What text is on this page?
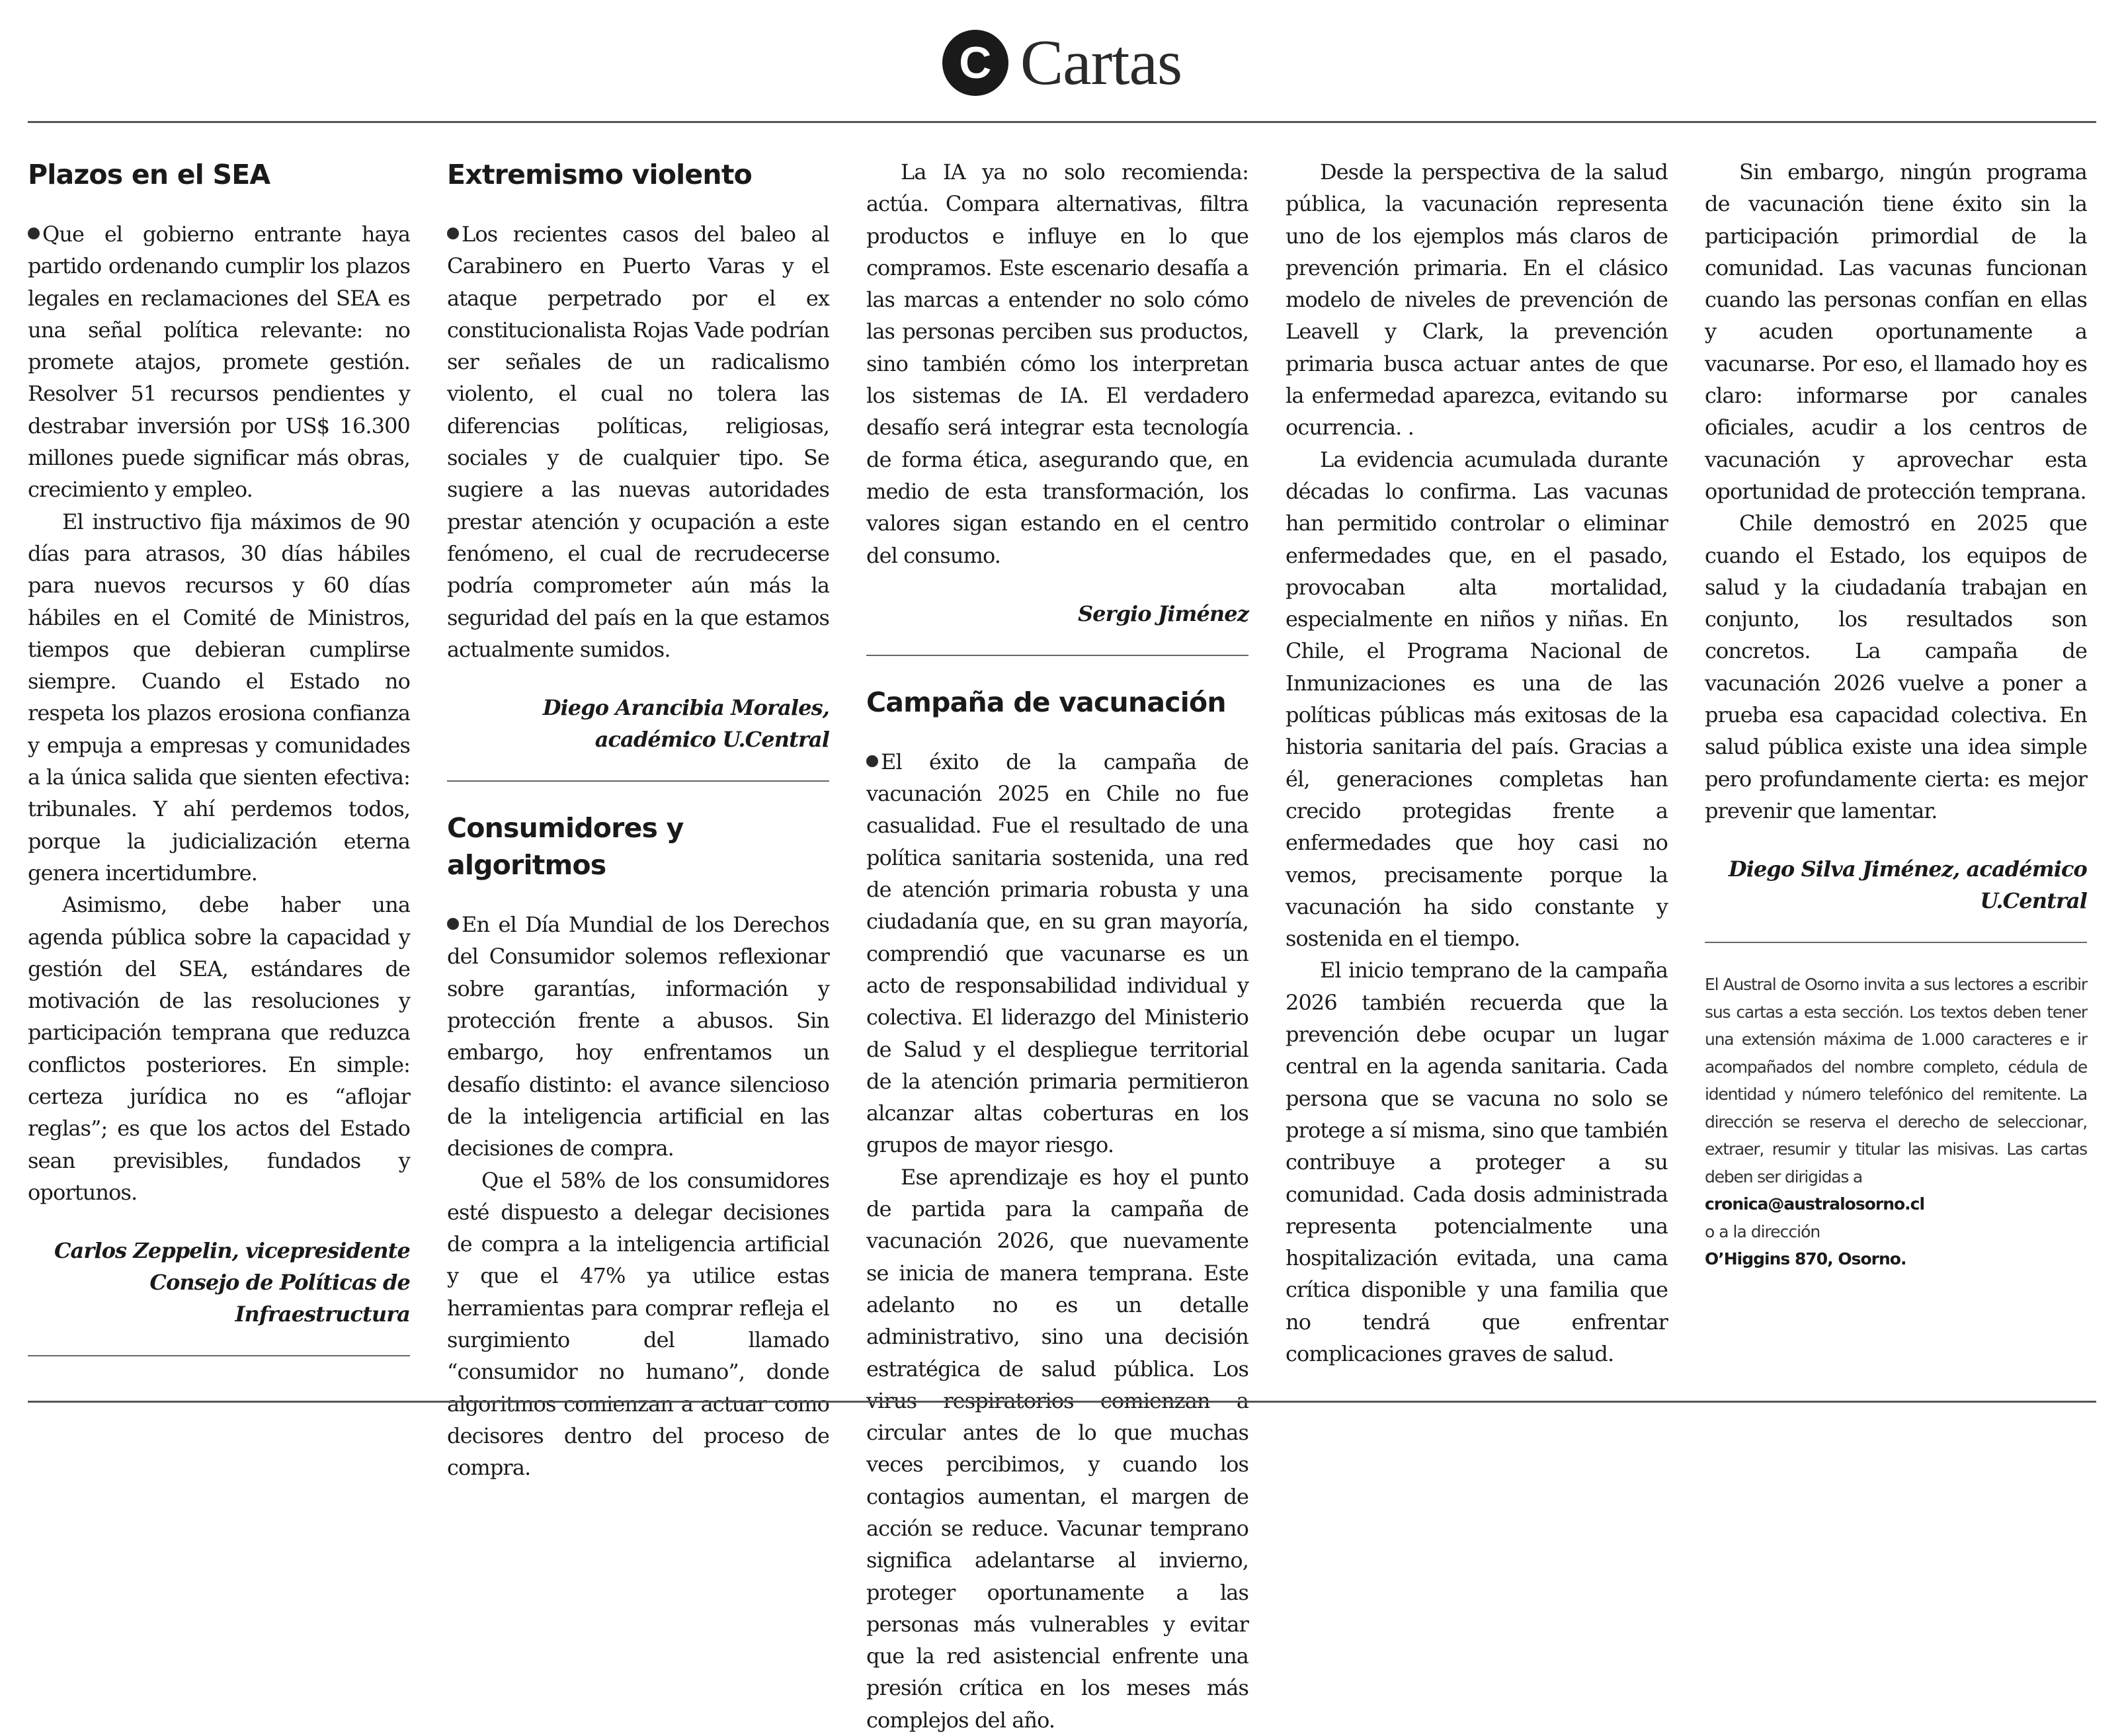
C Cartas
Plazos en el SEA

Que el gobierno entrante haya partido ordenando cumplir los plazos legales en reclamaciones del SEA es una señal política relevante: no promete atajos, promete gestión. Resolver 51 recursos pendientes y destrabar inversión por US$ 16.300 millones puede significar más obras, crecimiento y empleo.

El instructivo fija máximos de 90 días para atrasos, 30 días hábiles para nuevos recursos y 60 días hábiles en el Comité de Ministros, tiempos que debieran cumplirse siempre. Cuando el Estado no respeta los plazos erosiona confianza y empuja a empresas y comunidades a la única salida que sienten efectiva: tribunales. Y ahí perdemos todos, porque la judicialización eterna genera incertidumbre.

Asimismo, debe haber una agenda pública sobre la capacidad y gestión del SEA, estándares de motivación de las resoluciones y participación temprana que reduzca conflictos posteriores. En simple: certeza jurídica no es “aflojar reglas”; es que los actos del Estado sean previsibles, fundados y oportunos.

Carlos Zeppelin, vicepresidente Consejo de Políticas de Infraestructura

Extremismo violento

Los recientes casos del baleo al Carabinero en Puerto Varas y el ataque perpetrado por el ex constitucionalista Rojas Vade podrían ser señales de un radicalismo violento, el cual no tolera las diferencias políticas, religiosas, sociales y de cualquier tipo. Se sugiere a las nuevas autoridades prestar atención y ocupación a este fenómeno, el cual de recrudecerse podría comprometer aún más la seguridad del país en la que estamos actualmente sumidos.

Diego Arancibia Morales, académico U.Central

Consumidores y algoritmos

En el Día Mundial de los Derechos del Consumidor solemos reflexionar sobre garantías, información y protección frente a abusos. Sin embargo, hoy enfrentamos un desafío distinto: el avance silencioso de la inteligencia artificial en las decisiones de compra.

Que el 58% de los consumidores esté dispuesto a delegar decisiones de compra a la inteligencia artificial y que el 47% ya utilice estas herramientas para comprar refleja el surgimiento del llamado “consumidor no humano”, donde algoritmos comienzan a actuar como decisores dentro del proceso de compra.

La IA ya no solo recomienda: actúa. Compara alternativas, filtra productos e influye en lo que compramos. Este escenario desafía a las marcas a entender no solo cómo las personas perciben sus productos, sino también cómo los interpretan los sistemas de IA. El verdadero desafío será integrar esta tecnología de forma ética, asegurando que, en medio de esta transformación, los valores sigan estando en el centro del consumo.

Sergio Jiménez

Campaña de vacunación

El éxito de la campaña de vacunación 2025 en Chile no fue casualidad. Fue el resultado de una política sanitaria sostenida, una red de atención primaria robusta y una ciudadanía que, en su gran mayoría, comprendió que vacunarse es un acto de responsabilidad individual y colectiva. El liderazgo del Ministerio de Salud y el despliegue territorial de la atención primaria permitieron alcanzar altas coberturas en los grupos de mayor riesgo.

Ese aprendizaje es hoy el punto de partida para la campaña de vacunación 2026, que nuevamente se inicia de manera temprana. Este adelanto no es un detalle administrativo, sino una decisión estratégica de salud pública. Los virus respiratorios comienzan a circular antes de lo que muchas veces percibimos, y cuando los contagios aumentan, el margen de acción se reduce. Vacunar temprano significa adelantarse al invierno, proteger oportunamente a las personas más vulnerables y evitar que la red asistencial enfrente una presión crítica en los meses más complejos del año.

Desde la perspectiva de la salud pública, la vacunación representa uno de los ejemplos más claros de prevención primaria. En el clásico modelo de niveles de prevención de Leavell y Clark, la prevención primaria busca actuar antes de que la enfermedad aparezca, evitando su ocurrencia. .

La evidencia acumulada durante décadas lo confirma. Las vacunas han permitido controlar o eliminar enfermedades que, en el pasado, provocaban alta mortalidad, especialmente en niños y niñas. En Chile, el Programa Nacional de Inmunizaciones es una de las políticas públicas más exitosas de la historia sanitaria del país. Gracias a él, generaciones completas han crecido protegidas frente a enfermedades que hoy casi no vemos, precisamente porque la vacunación ha sido constante y sostenida en el tiempo.

El inicio temprano de la campaña 2026 también recuerda que la prevención debe ocupar un lugar central en la agenda sanitaria. Cada persona que se vacuna no solo se protege a sí misma, sino que también contribuye a proteger a su comunidad. Cada dosis administrada representa potencialmente una hospitalización evitada, una cama crítica disponible y una familia que no tendrá que enfrentar complicaciones graves de salud.

Sin embargo, ningún programa de vacunación tiene éxito sin la participación primordial de la comunidad. Las vacunas funcionan cuando las personas confían en ellas y acuden oportunamente a vacunarse. Por eso, el llamado hoy es claro: informarse por canales oficiales, acudir a los centros de vacunación y aprovechar esta oportunidad de protección temprana.

Chile demostró en 2025 que cuando el Estado, los equipos de salud y la ciudadanía trabajan en conjunto, los resultados son concretos. La campaña de vacunación 2026 vuelve a poner a prueba esa capacidad colectiva. En salud pública existe una idea simple pero profundamente cierta: es mejor prevenir que lamentar.

Diego Silva Jiménez, académico U.Central

El Austral de Osorno invita a sus lectores a escribir sus cartas a esta sección. Los textos deben tener una extensión máxima de 1.000 caracteres e ir acompañados del nombre completo, cédula de identidad y número telefónico del remitente. La dirección se reserva el derecho de seleccionar, extraer, resumir y titular las misivas. Las cartas deben ser dirigidas a

cronica@australosorno.cl

o a la dirección

O’Higgins 870, Osorno.
